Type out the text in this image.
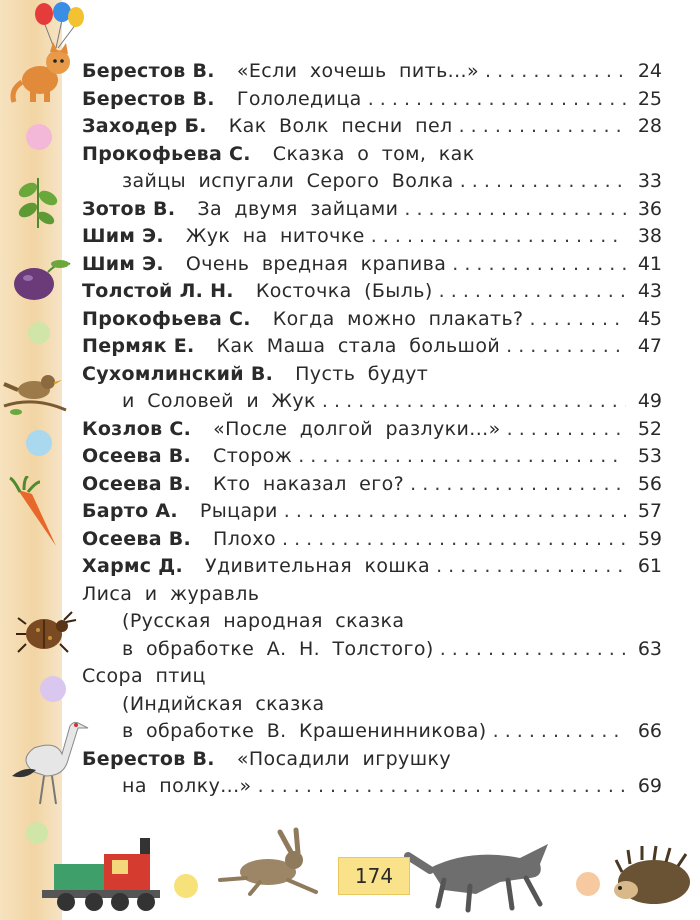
Берестов В. «Если хочешь пить...» . . .	24
Берестов В. Гололедица . . .	25
Заходер Б. Как Волк песни пел . . .	28
Прокофьева С. Сказка о том, как
зайцы испугали Серого Волка . . .	33
Зотов В. За двумя зайцами . . .	36
Шим Э. Жук на ниточке . . .	38
Шим Э. Очень вредная крапива . . .	41
Толстой Л. Н. Косточка (Быль) . . .	43
Прокофьева С. Когда можно плакать? . . .	45
Пермяк Е. Как Маша стала большой . . .	47
Сухомлинский В. Пусть будут
и Соловей и Жук . . .	49
Козлов С. «После долгой разлуки...» . . .	52
Осеева В. Сторож . . .	53
Осеева В. Кто наказал его? . . .	56
Барто А. Рыцари . . .	57
Осеева В. Плохо . . .	59
Хармс Д. Удивительная кошка . . .	61
Лиса и журавль
(Русская народная сказка
в обработке А. Н. Толстого) . . .	63
Ссора птиц
(Индийская сказка
в обработке В. Крашенинникова) . . .	66
Берестов В. «Посадили игрушку
на полку...» . . .	69
174
